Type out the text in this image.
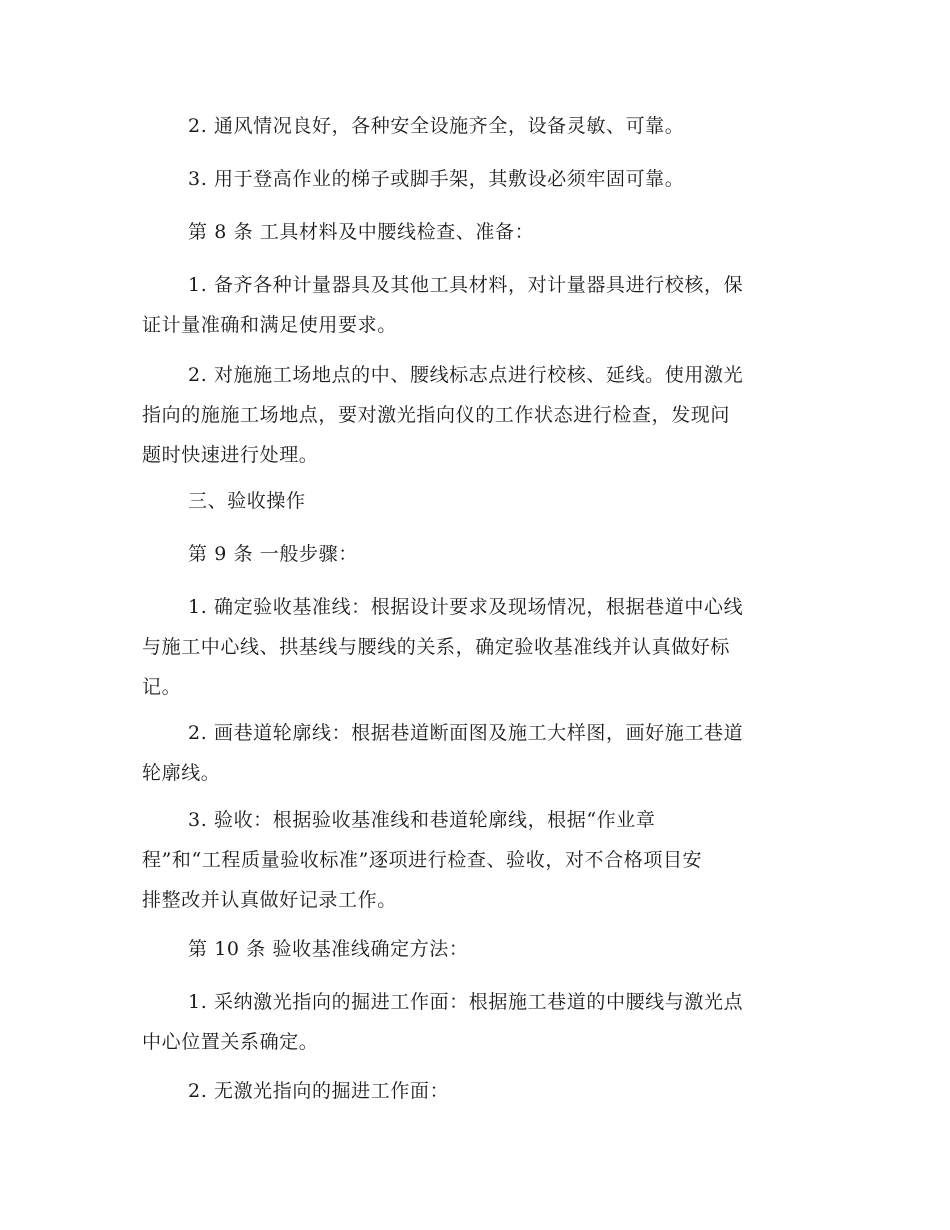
2. 通风情况良好，各种安全设施齐全，设备灵敏、可靠。

3. 用于登高作业的梯子或脚手架，其敷设必须牢固可靠。

第 8 条 工具材料及中腰线检查、准备：

1. 备齐各种计量器具及其他工具材料，对计量器具进行校核，保
证计量准确和满足使用要求。

2. 对施施工场地点的中、腰线标志点进行校核、延线。使用激光
指向的施施工场地点，要对激光指向仪的工作状态进行检查，发现问
题时快速进行处理。

三、验收操作

第 9 条 一般步骤：

1. 确定验收基准线：根据设计要求及现场情况，根据巷道中心线
与施工中心线、拱基线与腰线的关系，确定验收基准线并认真做好标
记。

2. 画巷道轮廓线：根据巷道断面图及施工大样图，画好施工巷道
轮廓线。

3. 验收：根据验收基准线和巷道轮廓线，根据“作业章
程”和“工程质量验收标准”逐项进行检查、验收，对不合格项目安
排整改并认真做好记录工作。

第 10 条 验收基准线确定方法：

1. 采纳激光指向的掘进工作面：根据施工巷道的中腰线与激光点
中心位置关系确定。

2. 无激光指向的掘进工作面：
